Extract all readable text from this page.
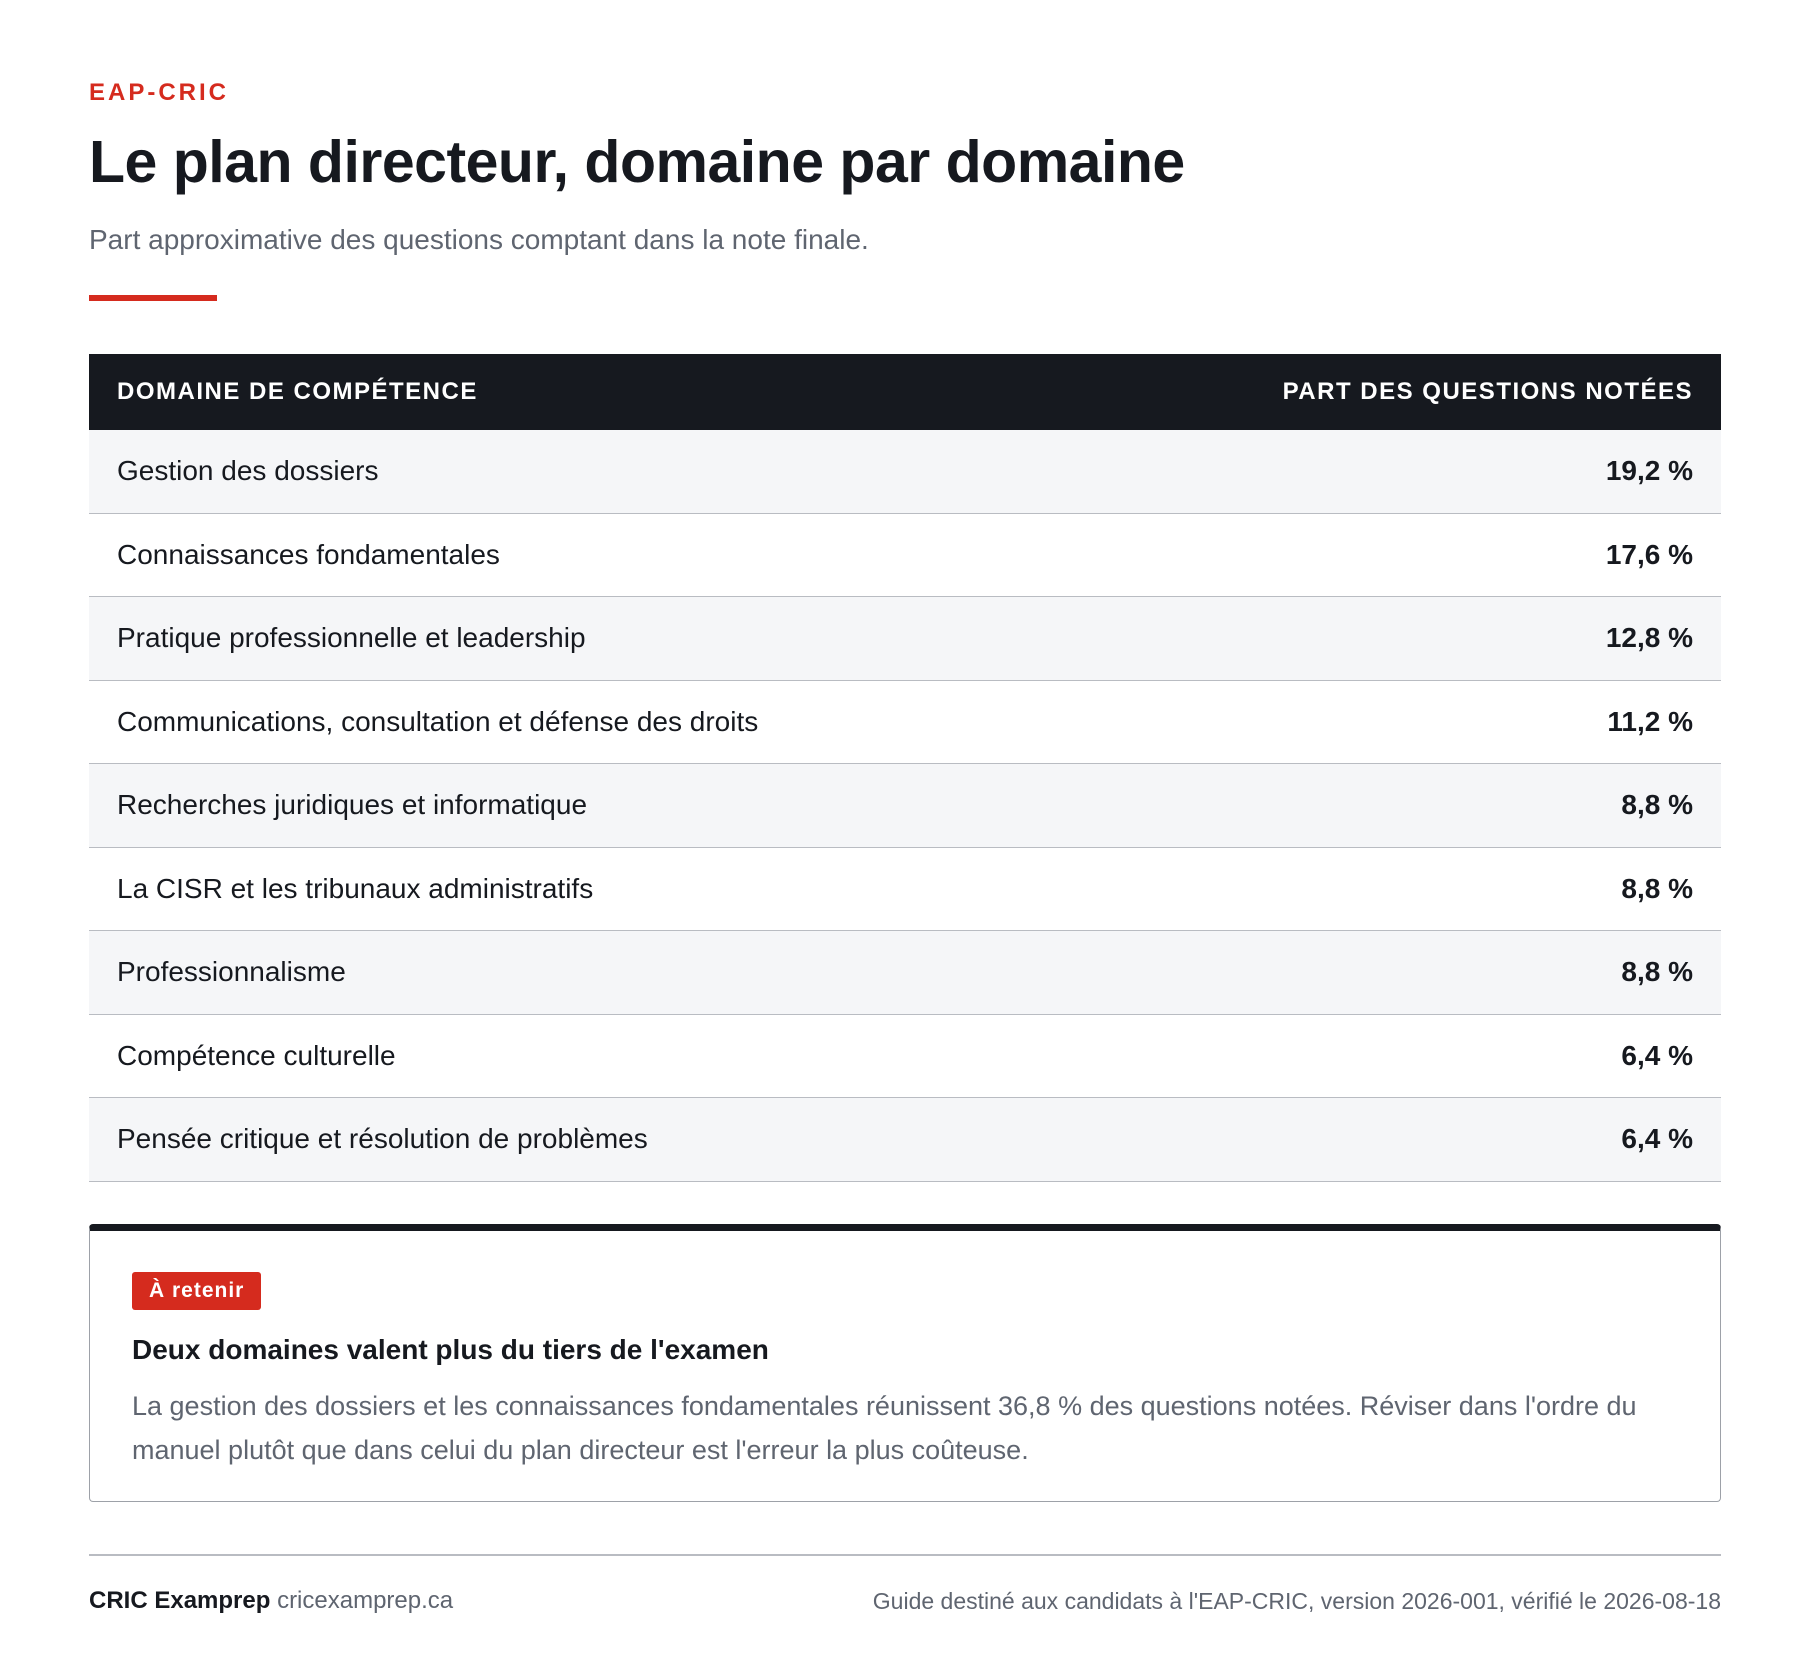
EAP-CRIC
Le plan directeur, domaine par domaine

Part approximative des questions comptant dans la note finale.

DOMAINE DE COMPÉTENCE	PART DES QUESTIONS NOTÉES
Gestion des dossiers	19,2 %
Connaissances fondamentales	17,6 %
Pratique professionnelle et leadership	12,8 %
Communications, consultation et défense des droits	11,2 %
Recherches juridiques et informatique	8,8 %
La CISR et les tribunaux administratifs	8,8 %
Professionnalisme	8,8 %
Compétence culturelle	6,4 %
Pensée critique et résolution de problèmes	6,4 %
À retenir
Deux domaines valent plus du tiers de l'examen

La gestion des dossiers et les connaissances fondamentales réunissent 36,8 % des questions notées. Réviser dans l'ordre du manuel plutôt que dans celui du plan directeur est l'erreur la plus coûteuse.

CRIC Examprep cricexamprep.ca	Guide destiné aux candidats à l'EAP-CRIC, version 2026-001, vérifié le 2026-08-18
